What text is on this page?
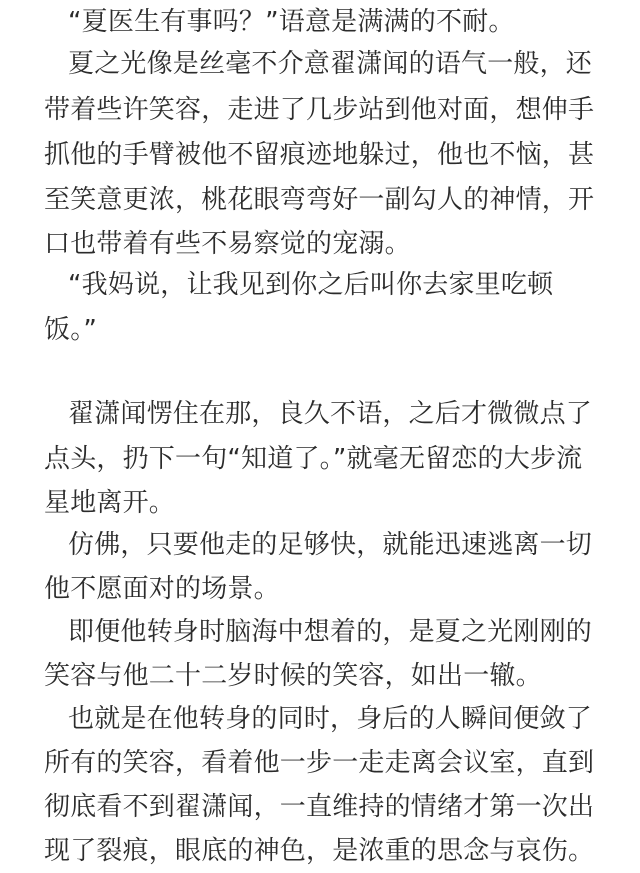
“夏医生有事吗？”语意是满满的不耐。
夏之光像是丝毫不介意翟潇闻的语气一般，还
带着些许笑容，走进了几步站到他对面，想伸手
抓他的手臂被他不留痕迹地躲过，他也不恼，甚
至笑意更浓，桃花眼弯弯好一副勾人的神情，开
口也带着有些不易察觉的宠溺。
“我妈说，让我见到你之后叫你去家里吃顿
饭。”
翟潇闻愣住在那，良久不语，之后才微微点了
点头，扔下一句“知道了。”就毫无留恋的大步流
星地离开。
仿佛，只要他走的足够快，就能迅速逃离一切
他不愿面对的场景。
即便他转身时脑海中想着的，是夏之光刚刚的
笑容与他二十二岁时候的笑容，如出一辙。
也就是在他转身的同时，身后的人瞬间便敛了
所有的笑容，看着他一步一走走离会议室，直到
彻底看不到翟潇闻，一直维持的情绪才第一次出
现了裂痕，眼底的神色，是浓重的思念与哀伤。
